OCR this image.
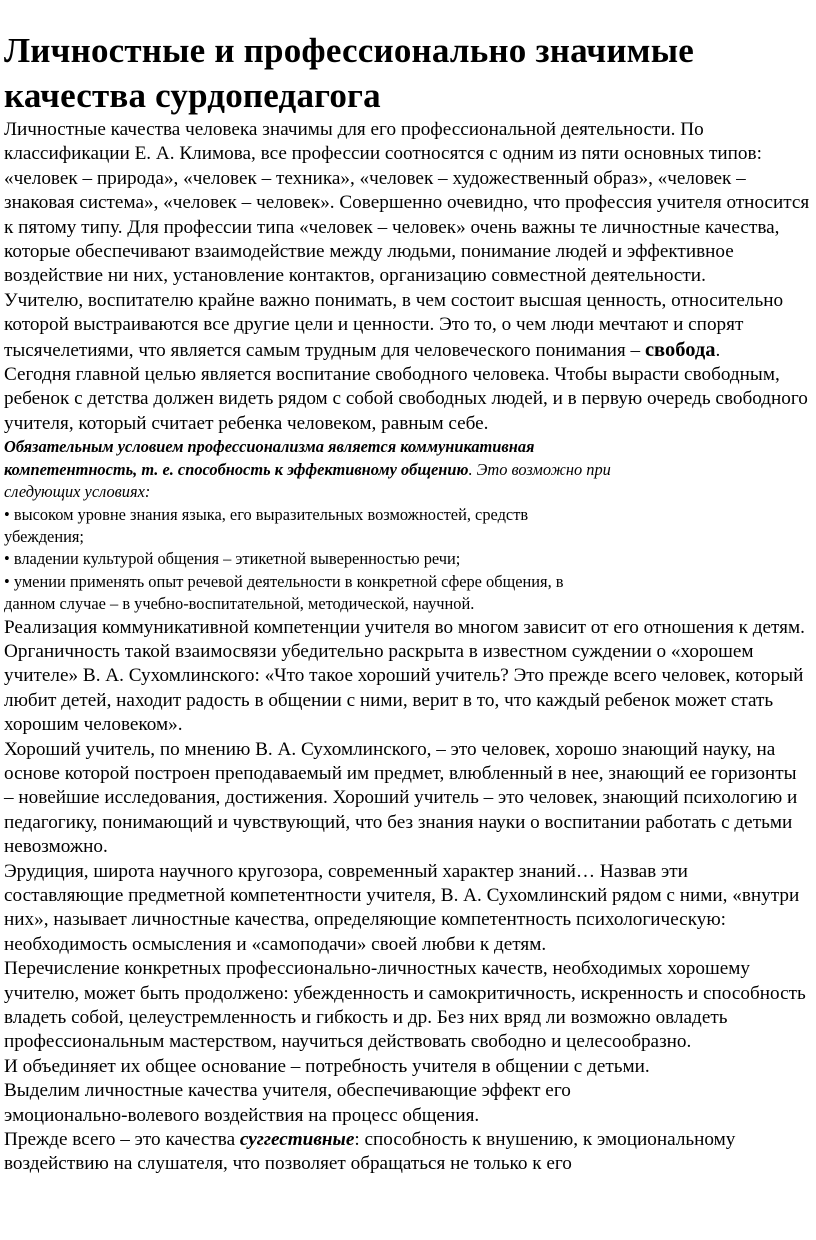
Личностные и профессионально значимые качества сурдопедагога

Личностные качества человека значимы для его профессиональной деятельности. По классификации Е. А. Климова, все профессии соотносятся с одним из пяти основных типов: «человек – природа», «человек – техника», «человек – художественный образ», «человек – знаковая система», «человек – человек». Совершенно очевидно, что профессия учителя относится к пятому типу. Для профессии типа «человек – человек» очень важны те личностные качества, которые обеспечивают взаимодействие между людьми, понимание людей и эффективное воздействие ни них, установление контактов, организацию совместной деятельности.

Учителю, воспитателю крайне важно понимать, в чем состоит высшая ценность, относительно которой выстраиваются все другие цели и ценности. Это то, о чем люди мечтают и спорят тысячелетиями, что является самым трудным для человеческого понимания – свобода.

Сегодня главной целью является воспитание свободного человека. Чтобы вырасти свободным, ребенок с детства должен видеть рядом с собой свободных людей, и в первую очередь свободного учителя, который считает ребенка человеком, равным себе.

Обязательным условием профессионализма является коммуникативная компетентность, т. е. способность к эффективному общению. Это возможно при следующих условиях:

• высоком уровне знания языка, его выразительных возможностей, средств убеждения;

• владении культурой общения – этикетной выверенностью речи;

• умении применять опыт речевой деятельности в конкретной сфере общения, в данном случае – в учебно-воспитательной, методической, научной.

Реализация коммуникативной компетенции учителя во многом зависит от его отношения к детям. Органичность такой взаимосвязи убедительно раскрыта в известном суждении о «хорошем учителе» В. А. Сухомлинского: «Что такое хороший учитель? Это прежде всего человек, который любит детей, находит радость в общении с ними, верит в то, что каждый ребенок может стать хорошим человеком».

Хороший учитель, по мнению В. А. Сухомлинского, – это человек, хорошо знающий науку, на основе которой построен преподаваемый им предмет, влюбленный в нее, знающий ее горизонты – новейшие исследования, достижения. Хороший учитель – это человек, знающий психологию и педагогику, понимающий и чувствующий, что без знания науки о воспитании работать с детьми невозможно.

Эрудиция, широта научного кругозора, современный характер знаний… Назвав эти составляющие предметной компетентности учителя, В. А. Сухомлинский рядом с ними, «внутри них», называет личностные качества, определяющие компетентность психологическую: необходимость осмысления и «самоподачи» своей любви к детям.

Перечисление конкретных профессионально-личностных качеств, необходимых хорошему учителю, может быть продолжено: убежденность и самокритичность, искренность и способность владеть собой, целеустремленность и гибкость и др. Без них вряд ли возможно овладеть профессиональным мастерством, научиться действовать свободно и целесообразно.

И объединяет их общее основание – потребность учителя в общении с детьми.

Выделим личностные качества учителя, обеспечивающие эффект его эмоционально-волевого воздействия на процесс общения.

Прежде всего – это качества суггестивные: способность к внушению, к эмоциональному воздействию на слушателя, что позволяет обращаться не только к его
